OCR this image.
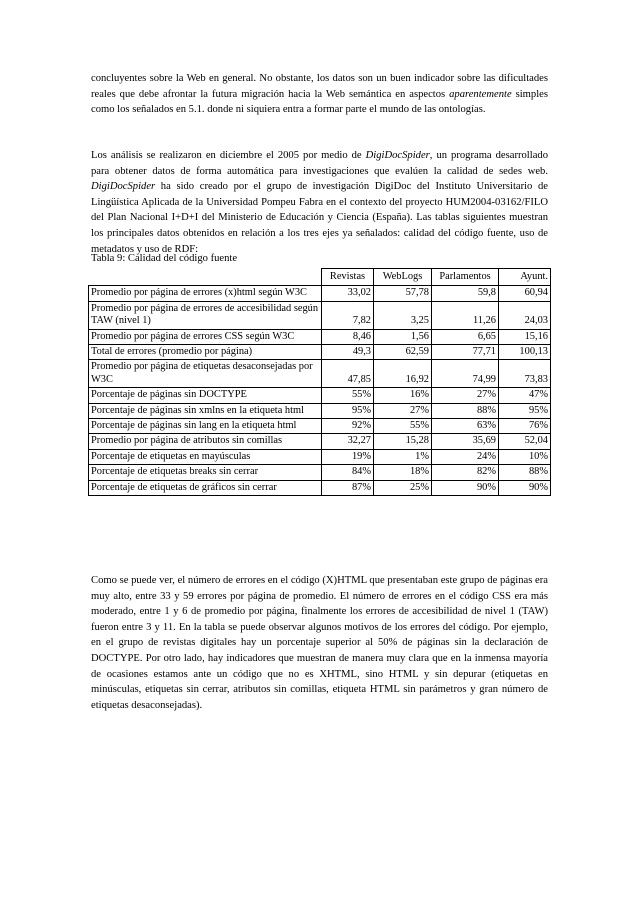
concluyentes sobre la Web en general. No obstante, los datos son un buen indicador sobre las dificultades reales que debe afrontar la futura migración hacia la Web semántica en aspectos aparentemente simples como los señalados en 5.1. donde ni siquiera entra a formar parte el mundo de las ontologías.

Los análisis se realizaron en diciembre el 2005 por medio de DigiDocSpider, un programa desarrollado para obtener datos de forma automática para investigaciones que evalúen la calidad de sedes web. DigiDocSpider ha sido creado por el grupo de investigación DigiDoc del Instituto Universitario de Lingüística Aplicada de la Universidad Pompeu Fabra en el contexto del proyecto HUM2004-03162/FILO del Plan Nacional I+D+I del Ministerio de Educación y Ciencia (España). Las tablas siguientes muestran los principales datos obtenidos en relación a los tres ejes ya señalados: calidad del código fuente, uso de metadatos y uso de RDF:

Tabla 9: Calidad del código fuente

	Revistas	WebLogs	Parlamentos	Ayunt.
Promedio por página de errores (x)html según W3C	33,02	57,78	59,8	60,94
Promedio por página de errores de accesibilidad según TAW (nivel 1)	7,82	3,25	11,26	24,03
Promedio por página de errores CSS según W3C	8,46	1,56	6,65	15,16
Total de errores (promedio por página)	49,3	62,59	77,71	100,13
Promedio por página de etiquetas desaconsejadas por W3C	47,85	16,92	74,99	73,83
Porcentaje de páginas sin DOCTYPE	55%	16%	27%	47%
Porcentaje de páginas sin xmlns en la etiqueta html	95%	27%	88%	95%
Porcentaje de páginas sin lang en la etiqueta html	92%	55%	63%	76%
Promedio por página de atributos sin comillas	32,27	15,28	35,69	52,04
Porcentaje de etiquetas en mayúsculas	19%	1%	24%	10%
Porcentaje de etiquetas breaks sin cerrar	84%	18%	82%	88%
Porcentaje de etiquetas de gráficos sin cerrar	87%	25%	90%	90%

Como se puede ver, el número de errores en el código (X)HTML que presentaban este grupo de páginas era muy alto, entre 33 y 59 errores por página de promedio. El número de errores en el código CSS era más moderado, entre 1 y 6 de promedio por página, finalmente los errores de accesibilidad de nivel 1 (TAW) fueron entre 3 y 11. En la tabla se puede observar algunos motivos de los errores del código. Por ejemplo, en el grupo de revistas digitales hay un porcentaje superior al 50% de páginas sin la declaración de DOCTYPE. Por otro lado, hay indicadores que muestran de manera muy clara que en la inmensa mayoría de ocasiones estamos ante un código que no es XHTML, sino HTML y sin depurar (etiquetas en minúsculas, etiquetas sin cerrar, atributos sin comillas, etiqueta HTML sin parámetros y gran número de etiquetas desaconsejadas).
